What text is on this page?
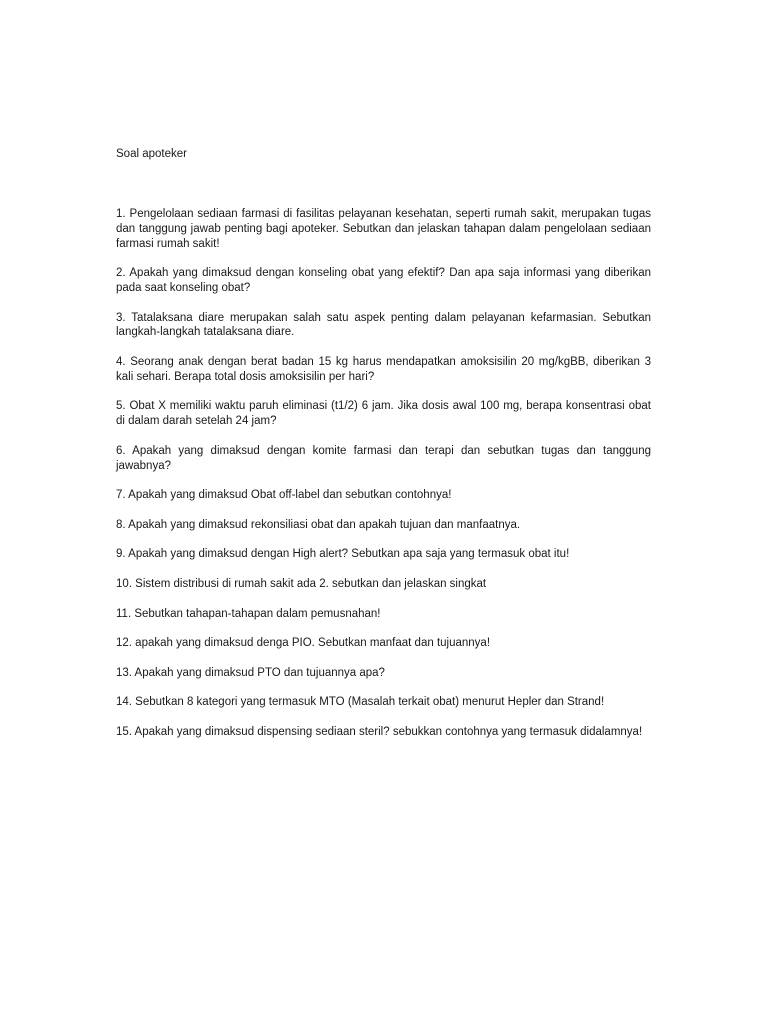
Soal apoteker

1. Pengelolaan sediaan farmasi di fasilitas pelayanan kesehatan, seperti rumah sakit, merupakan tugas dan tanggung jawab penting bagi apoteker. Sebutkan dan jelaskan tahapan dalam pengelolaan sediaan farmasi rumah sakit!

2. Apakah yang dimaksud dengan konseling obat yang efektif? Dan apa saja informasi yang diberikan pada saat konseling obat?

3. Tatalaksana diare merupakan salah satu aspek penting dalam pelayanan kefarmasian. Sebutkan langkah-langkah tatalaksana diare.

4. Seorang anak dengan berat badan 15 kg harus mendapatkan amoksisilin 20 mg/kgBB, diberikan 3 kali sehari. Berapa total dosis amoksisilin per hari?

5. Obat X memiliki waktu paruh eliminasi (t1/2) 6 jam. Jika dosis awal 100 mg, berapa konsentrasi obat di dalam darah setelah 24 jam?

6. Apakah yang dimaksud dengan komite farmasi dan terapi dan sebutkan tugas dan tanggung jawabnya?

7. Apakah yang dimaksud Obat off-label dan sebutkan contohnya!

8. Apakah yang dimaksud rekonsiliasi obat dan apakah tujuan dan manfaatnya.

9. Apakah yang dimaksud dengan High alert? Sebutkan apa saja yang termasuk obat itu!

10. Sistem distribusi di rumah sakit ada 2. sebutkan dan jelaskan singkat

11. Sebutkan tahapan-tahapan dalam pemusnahan!

12. apakah yang dimaksud denga PIO. Sebutkan manfaat dan tujuannya!

13. Apakah yang dimaksud PTO dan tujuannya apa?

14. Sebutkan 8 kategori yang termasuk MTO (Masalah terkait obat) menurut Hepler dan Strand!

15. Apakah yang dimaksud dispensing sediaan steril? sebukkan contohnya yang termasuk didalamnya!
